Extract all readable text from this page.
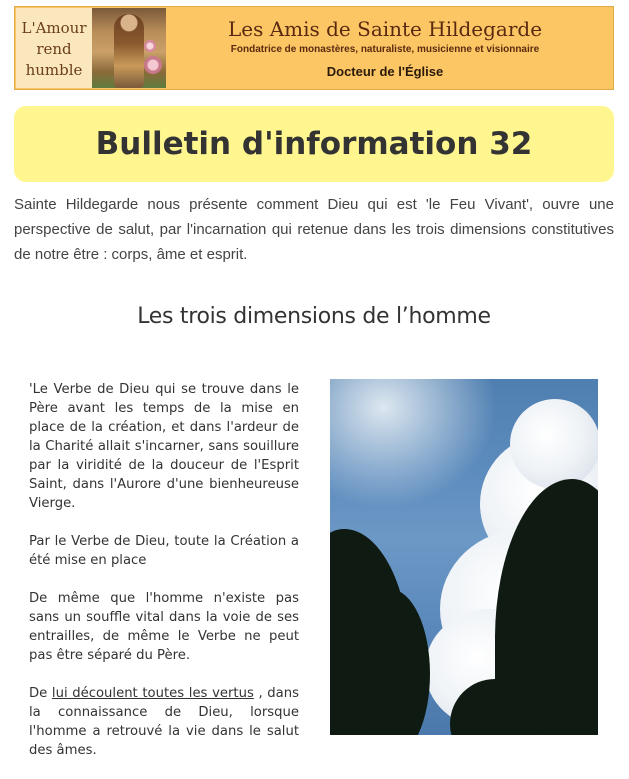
L'Amour
rend
humble
Les Amis de Sainte Hildegarde
Fondatrice de monastères, naturaliste, musicienne et visionnaire
Docteur de l'Église
Bulletin d'information 32

Sainte Hildegarde nous présente comment Dieu qui est 'le Feu Vivant', ouvre une perspective de salut, par l'incarnation qui retenue dans les trois dimensions constitutives de notre être : corps, âme et esprit.

Les trois dimensions de l’homme

'Le Verbe de Dieu qui se trouve dans le Père avant les temps de la mise en place de la création, et dans l'ardeur de la Charité allait s'incarner, sans souillure par la viridité de la douceur de l'Esprit Saint, dans l'Aurore d'une bienheureuse Vierge.

Par le Verbe de Dieu, toute la Création a été mise en place

De même que l'homme n'existe pas sans un souffle vital dans la voie de ses entrailles, de même le Verbe ne peut pas être séparé du Père.

De lui découlent toutes les vertus , dans la connaissance de Dieu, lorsque l'homme a retrouvé la vie dans le salut des âmes.
